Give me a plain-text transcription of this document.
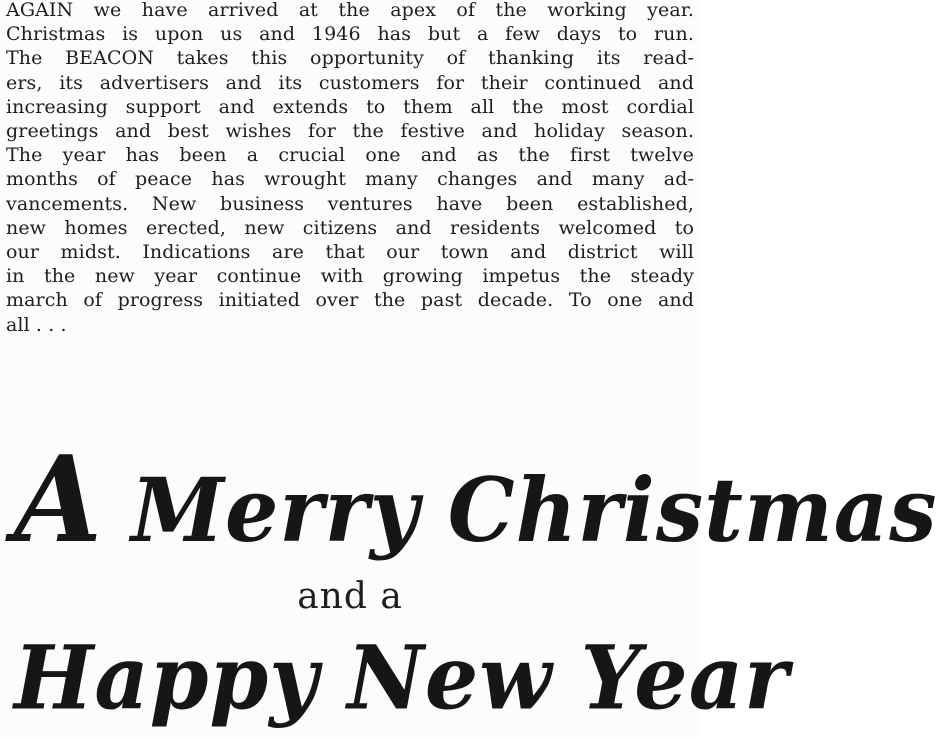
AGAIN we have arrived at the apex of the working year.
Christmas is upon us and 1946 has but a few days to run.
The BEACON takes this opportunity of thanking its read-
ers, its advertisers and its customers for their continued and
increasing support and extends to them all the most cordial
greetings and best wishes for the festive and holiday season.
The year has been a crucial one and as the first twelve
months of peace has wrought many changes and many ad-
vancements. New business ventures have been established,
new homes erected, new citizens and residents welcomed to
our midst. Indications are that our town and district will
in the new year continue with growing impetus the steady
march of progress initiated over the past decade. To one and
all . . .
A Merry Christmas
and a
Happy New Year
